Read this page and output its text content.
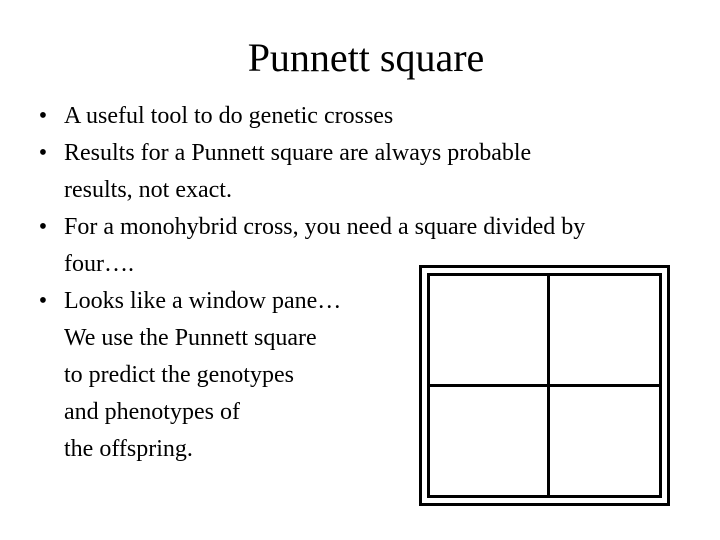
Punnett square
• A useful tool to do genetic crosses
• Results for a Punnett square are always probable
results, not exact.
• For a monohybrid cross, you need a square divided by
four….
• Looks like a window pane…
We use the Punnett square
to predict the genotypes
and phenotypes of
the offspring.
